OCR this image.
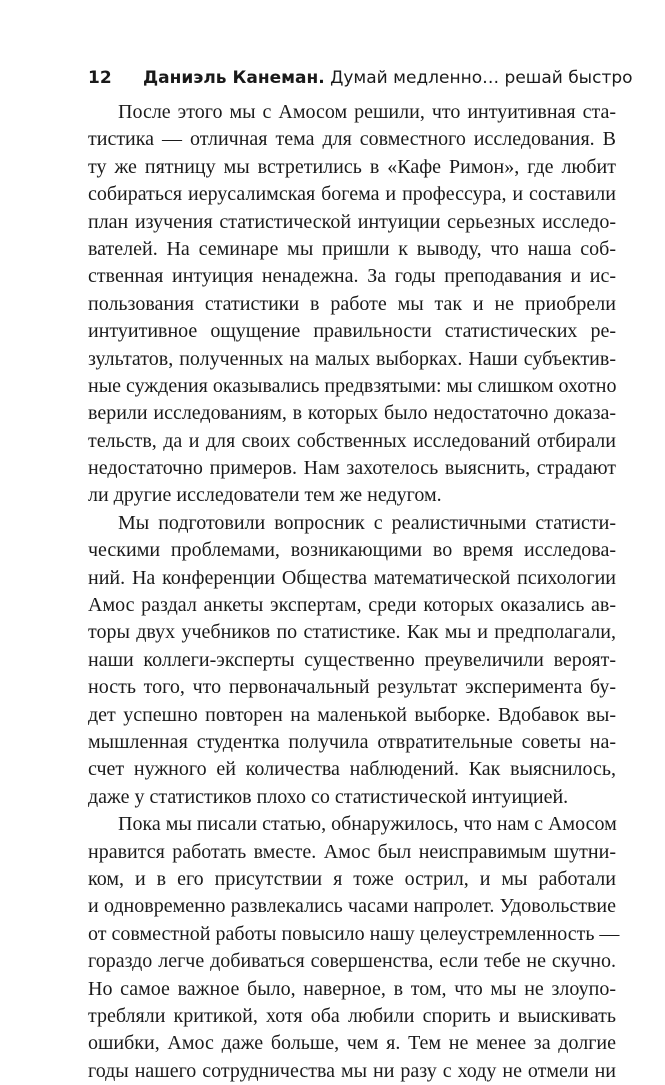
12 Даниэль Канеман. Думай медленно… решай быстро
После этого мы с Амосом решили, что интуитивная ста-
тистика — отличная тема для совместного исследования. В
ту же пятницу мы встретились в «Кафе Римон», где любит
собираться иерусалимская богема и профессура, и составили
план изучения статистической интуиции серьезных исследо-
вателей. На семинаре мы пришли к выводу, что наша соб-
ственная интуиция ненадежна. За годы преподавания и ис-
пользования статистики в работе мы так и не приобрели
интуитивное ощущение правильности статистических ре-
зультатов, полученных на малых выборках. Наши субъектив-
ные суждения оказывались предвзятыми: мы слишком охотно
верили исследованиям, в которых было недостаточно доказа-
тельств, да и для своих собственных исследований отбирали
недостаточно примеров. Нам захотелось выяснить, страдают
ли другие исследователи тем же недугом.
Мы подготовили вопросник с реалистичными статисти-
ческими проблемами, возникающими во время исследова-
ний. На конференции Общества математической психологии
Амос раздал анкеты экспертам, среди которых оказались ав-
торы двух учебников по статистике. Как мы и предполагали,
наши коллеги-эксперты существенно преувеличили вероят-
ность того, что первоначальный результат эксперимента бу-
дет успешно повторен на маленькой выборке. Вдобавок вы-
мышленная студентка получила отвратительные советы на-
счет нужного ей количества наблюдений. Как выяснилось,
даже у статистиков плохо со статистической интуицией.
Пока мы писали статью, обнаружилось, что нам с Амосом
нравится работать вместе. Амос был неисправимым шутни-
ком, и в его присутствии я тоже острил, и мы работали
и одновременно развлекались часами напролет. Удовольствие
от совместной работы повысило нашу целеустремленность —
гораздо легче добиваться совершенства, если тебе не скучно.
Но самое важное было, наверное, в том, что мы не злоупо-
требляли критикой, хотя оба любили спорить и выискивать
ошибки, Амос даже больше, чем я. Тем не менее за долгие
годы нашего сотрудничества мы ни разу с ходу не отмели ни
